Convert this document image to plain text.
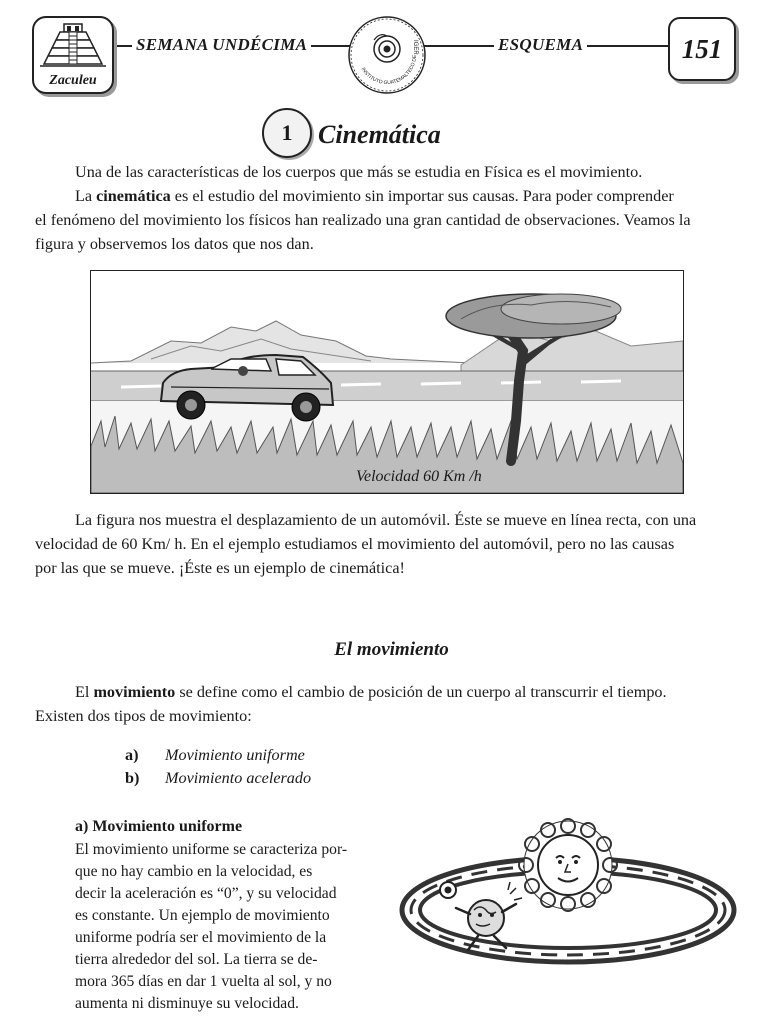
Zaculeu
SEMANA UNDÉCIMA
INSTITUTO GUATEMALTECO DE
IGER	ESQUEMA	151
1 Cinemática
Una de las características de los cuerpos que más se estudia en Física es el movimiento.
La cinemática es el estudio del movimiento sin importar sus causas. Para poder comprender
el fenómeno del movimiento los físicos han realizado una gran cantidad de observaciones. Veamos la
figura y observemos los datos que nos dan.
Velocidad 60 Km /h
La figura nos muestra el desplazamiento de un automóvil. Éste se mueve en línea recta, con una
velocidad de 60 Km/ h. En el ejemplo estudiamos el movimiento del automóvil, pero no las causas
por las que se mueve. ¡Éste es un ejemplo de cinemática!
El movimiento
El movimiento se define como el cambio de posición de un cuerpo al transcurrir el tiempo.
Existen dos tipos de movimiento:
a) Movimiento uniforme
b) Movimiento acelerado
a) Movimiento uniforme
El movimiento uniforme se caracteriza por-
que no hay cambio en la velocidad, es
decir la aceleración es “0”, y su velocidad
es constante. Un ejemplo de movimiento
uniforme podría ser el movimiento de la
tierra alrededor del sol. La tierra se de-
mora 365 días en dar 1 vuelta al sol, y no
aumenta ni disminuye su velocidad.
